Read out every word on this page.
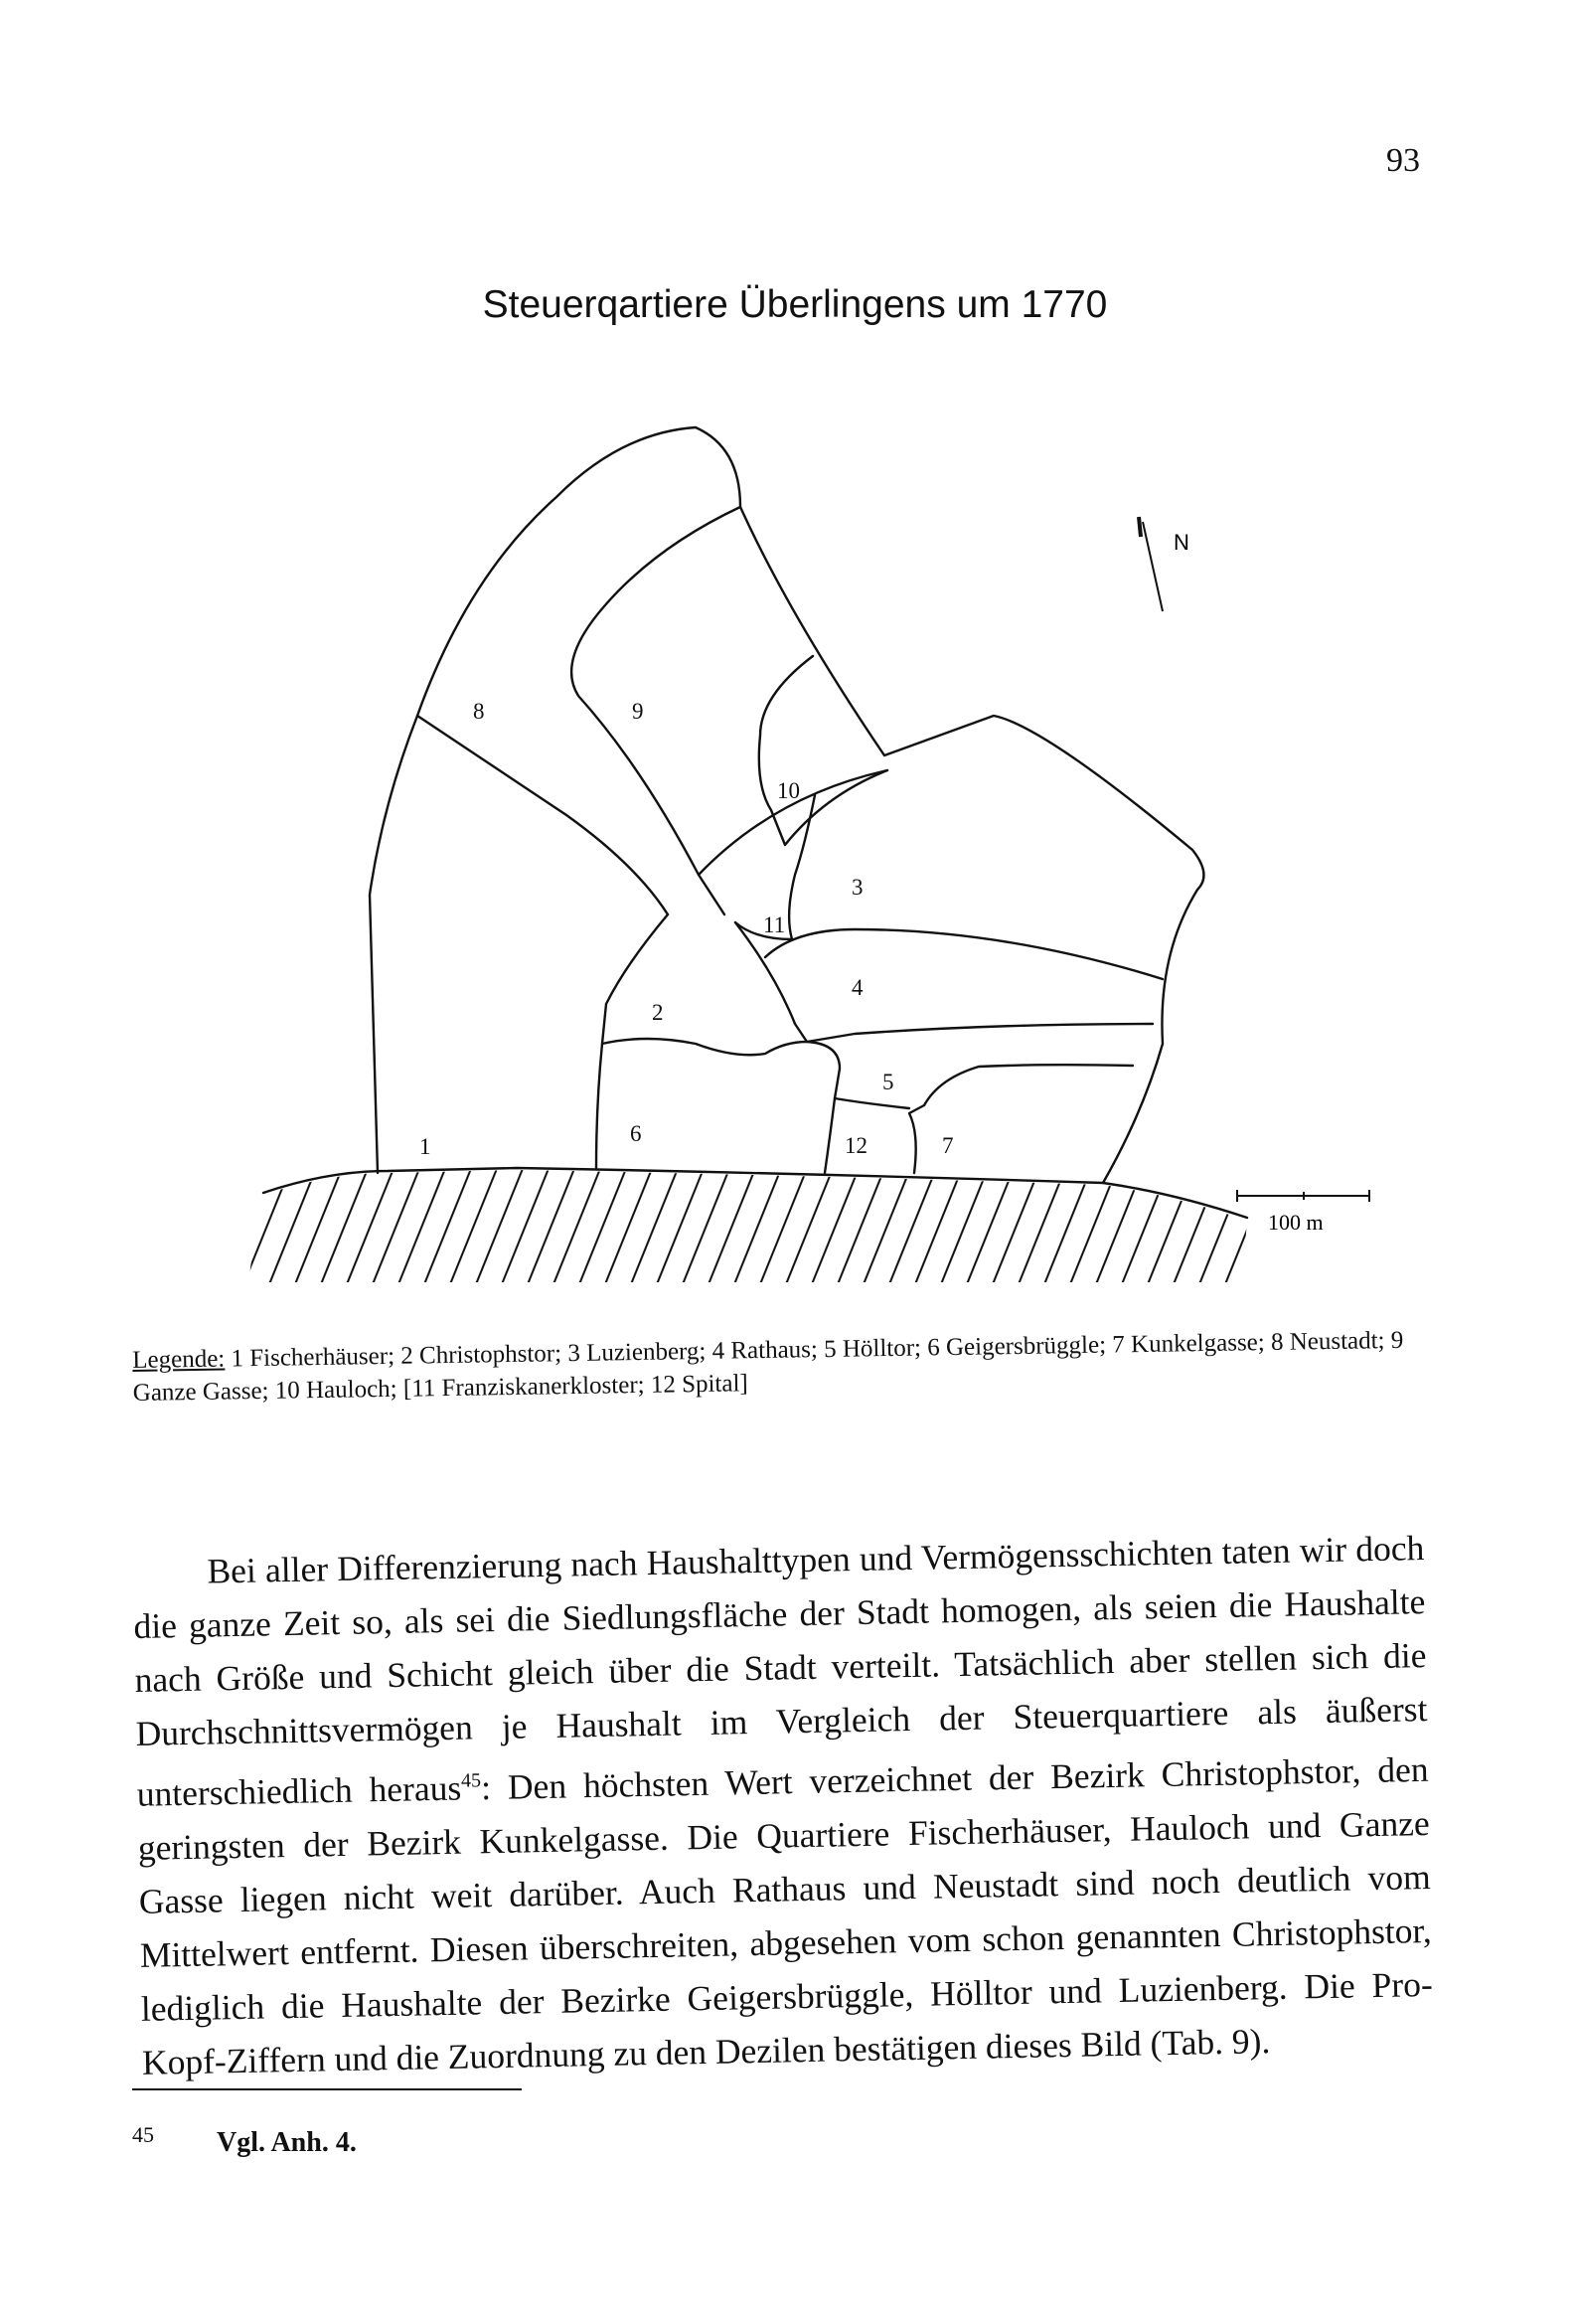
93
Steuerqartiere Überlingens um 1770
N
100 m
1
2
3
4
5
6	7
8	9
10
11
12
Legende: 1 Fischerhäuser; 2 Christophstor; 3 Luzienberg; 4 Rathaus; 5 Hölltor; 6 Geigersbrüggle; 7 Kunkelgasse; 8 Neustadt; 9 Ganze Gasse; 10 Hauloch; [11 Franziskanerkloster; 12 Spital]
Bei aller Differenzierung nach Haushalttypen und Vermögensschichten taten wir doch die ganze Zeit so, als sei die Siedlungsfläche der Stadt homogen, als seien die Haushalte nach Größe und Schicht gleich über die Stadt verteilt. Tatsächlich aber stellen sich die Durchschnittsvermögen je Haushalt im Vergleich der Steuerquartiere als äußerst unterschiedlich heraus$^{45}$: Den höchsten Wert verzeichnet der Bezirk Christophstor, den geringsten der Bezirk Kunkelgasse. Die Quartiere Fischerhäuser, Hauloch und Ganze Gasse liegen nicht weit darüber. Auch Rathaus und Neustadt sind noch deutlich vom Mittelwert entfernt. Diesen überschreiten, abgesehen vom schon genannten Christophstor, lediglich die Haushalte der Bezirke Geigersbrüggle, Hölltor und Luzienberg. Die Pro-Kopf-Ziffern und die Zuordnung zu den Dezilen bestätigen dieses Bild (Tab. 9).
45 Vgl. Anh. 4.
